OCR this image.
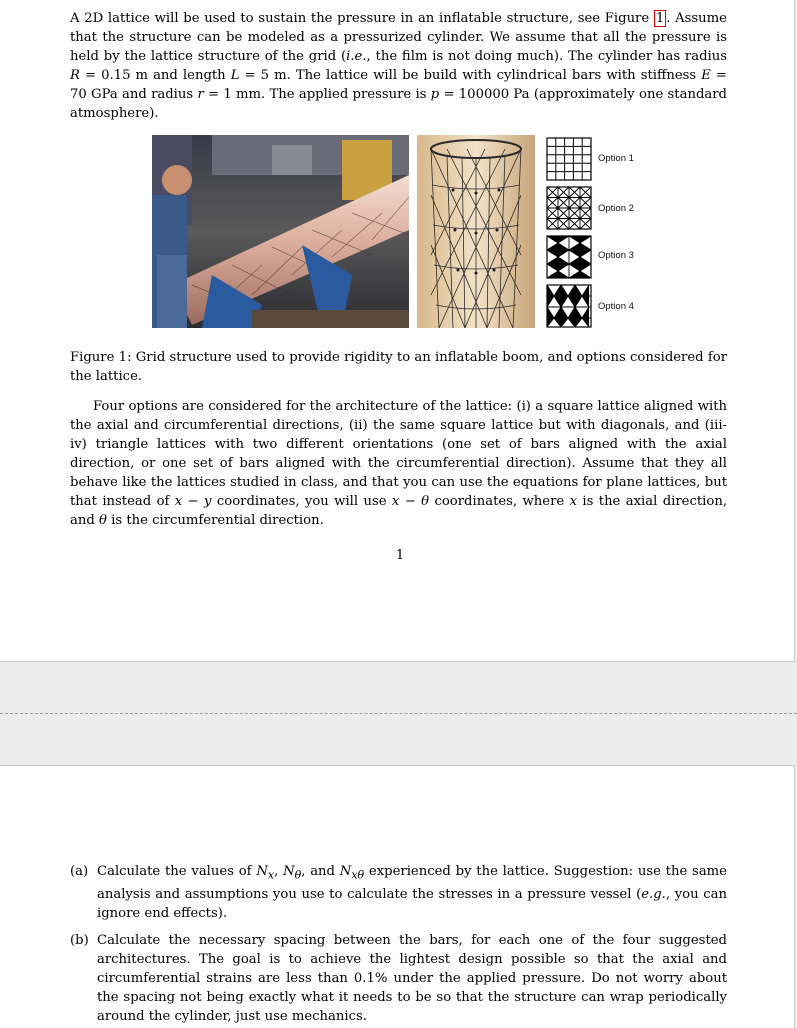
A 2D lattice will be used to sustain the pressure in an inflatable structure, see Figure 1 . Assume that the structure can be modeled as a pressurized cylinder. We assume that all the pressure is held by the lattice structure of the grid (i.e., the film is not doing much). The cylinder has radius R = 0.15 m and length L = 5 m. The lattice will be build with cylindrical bars with stiffness E = 70 GPa and radius r = 1 mm. The applied pressure is p = 100000 Pa (approximately one standard atmosphere).

Option 1
Option 2
Option 3
Option 4

Figure 1: Grid structure used to provide rigidity to an inflatable boom, and options considered for the lattice.

Four options are considered for the architecture of the lattice: (i) a square lattice aligned with the axial and circumferential directions, (ii) the same square lattice but with diagonals, and (iii-iv) triangle lattices with two different orientations (one set of bars aligned with the axial direction, or one set of bars aligned with the circumferential direction). Assume that they all behave like the lattices studied in class, and that you can use the equations for plane lattices, but that instead of x − y coordinates, you will use x − θ coordinates, where x is the axial direction, and θ is the circumferential direction.

1
(a) Calculate the values of $N_x$, $N_\theta$, and $N_{x\theta}$ experienced by the lattice. Suggestion: use the same analysis and assumptions you use to calculate the stresses in a pressure vessel (e.g., you can ignore end effects).
(b) Calculate the necessary spacing between the bars, for each one of the four suggested architectures. The goal is to achieve the lightest design possible so that the axial and circumferential strains are less than 0.1% under the applied pressure. Do not worry about the spacing not being exactly what it needs to be so that the structure can wrap periodically around the cylinder, just use mechanics.
